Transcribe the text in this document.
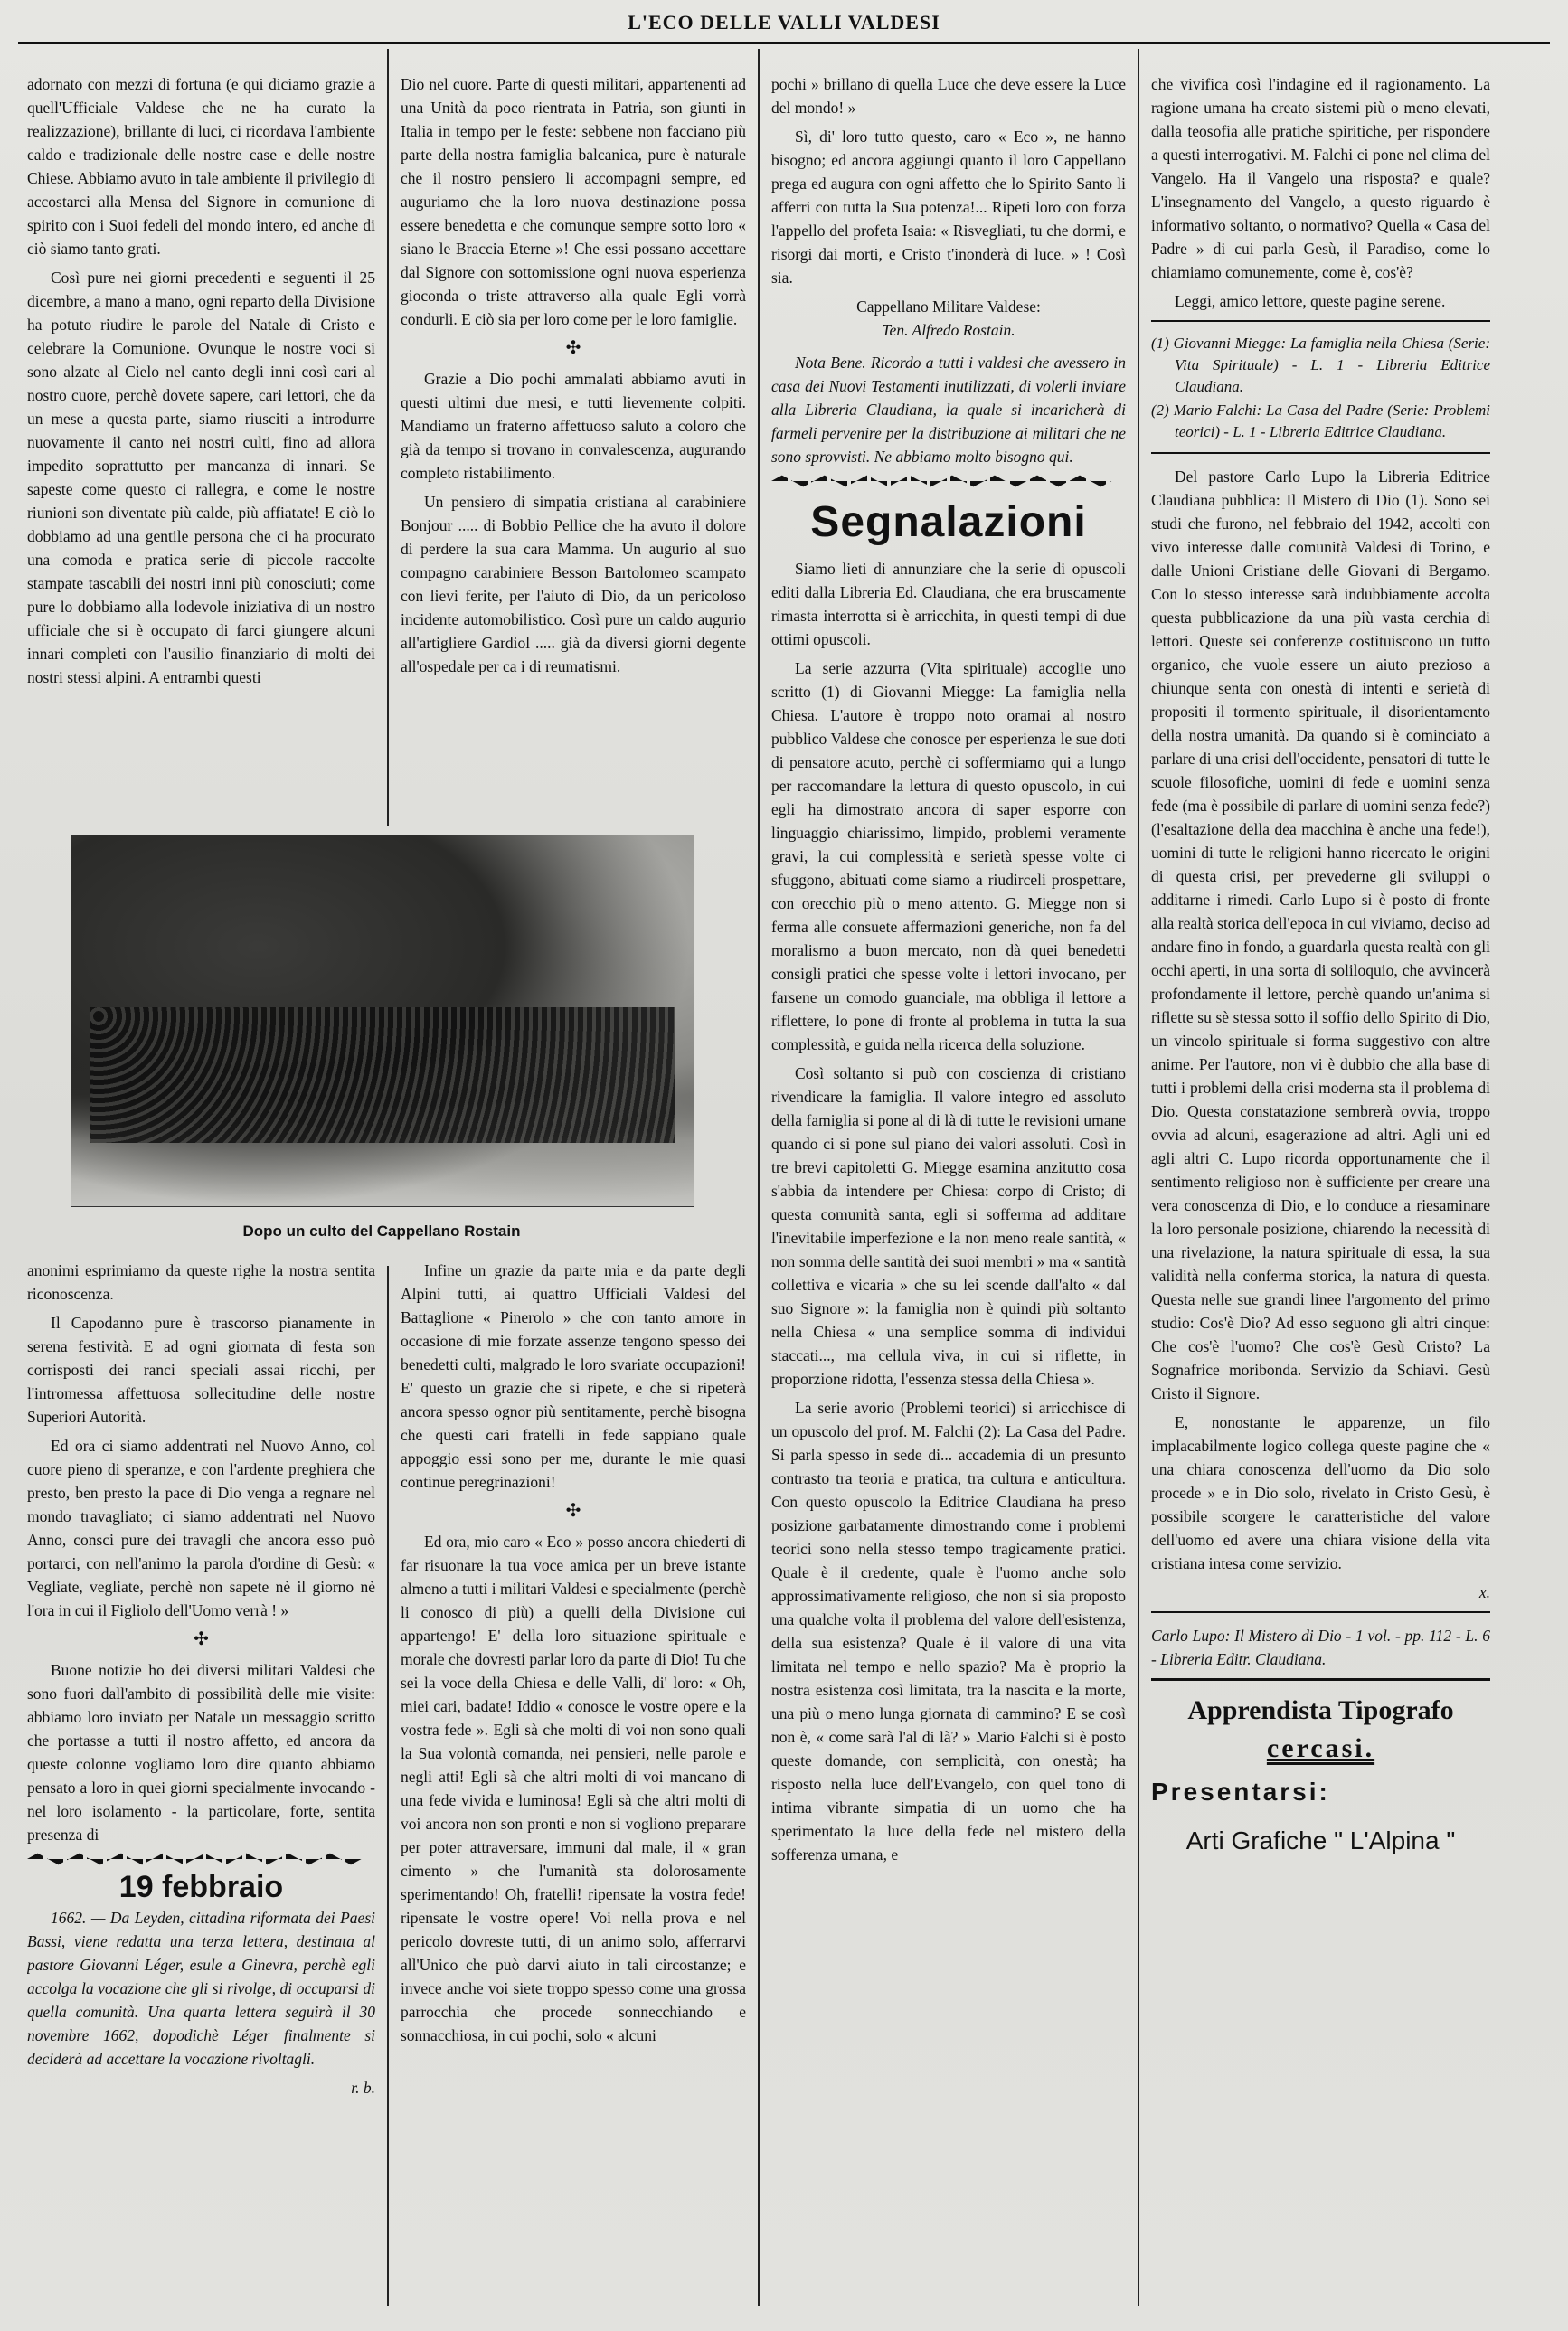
L'ECO DELLE VALLI VALDESI

adornato con mezzi di fortuna (e qui diciamo grazie a quell'Ufficiale Valdese che ne ha curato la realizzazione), brillante di luci, ci ricordava l'ambiente caldo e tradizionale delle nostre case e delle nostre Chiese. Abbiamo avuto in tale ambiente il privilegio di accostarci alla Mensa del Signore in comunione di spirito con i Suoi fedeli del mondo intero, ed anche di ciò siamo tanto grati.

Così pure nei giorni precedenti e seguenti il 25 dicembre, a mano a mano, ogni reparto della Divisione ha potuto riudire le parole del Natale di Cristo e celebrare la Comunione. Ovunque le nostre voci si sono alzate al Cielo nel canto degli inni così cari al nostro cuore, perchè dovete sapere, cari lettori, che da un mese a questa parte, siamo riusciti a introdurre nuovamente il canto nei nostri culti, fino ad allora impedito soprattutto per mancanza di innari. Se sapeste come questo ci rallegra, e come le nostre riunioni son diventate più calde, più affiatate! E ciò lo dobbiamo ad una gentile persona che ci ha procurato una comoda e pratica serie di piccole raccolte stampate tascabili dei nostri inni più conosciuti; come pure lo dobbiamo alla lodevole iniziativa di un nostro ufficiale che si è occupato di farci giungere alcuni innari completi con l'ausilio finanziario di molti dei nostri stessi alpini. A entrambi questi

Dio nel cuore. Parte di questi militari, appartenenti ad una Unità da poco rientrata in Patria, son giunti in Italia in tempo per le feste: sebbene non facciano più parte della nostra famiglia balcanica, pure è naturale che il nostro pensiero li accompagni sempre, ed auguriamo che la loro nuova destinazione possa essere benedetta e che comunque sempre sotto loro « siano le Braccia Eterne »! Che essi possano accettare dal Signore con sottomissione ogni nuova esperienza gioconda o triste attraverso alla quale Egli vorrà condurli. E ciò sia per loro come per le loro famiglie.

✣

Grazie a Dio pochi ammalati abbiamo avuti in questi ultimi due mesi, e tutti lievemente colpiti. Mandiamo un fraterno affettuoso saluto a coloro che già da tempo si trovano in convalescenza, augurando completo ristabilimento.

Un pensiero di simpatia cristiana al carabiniere Bonjour ..... di Bobbio Pellice che ha avuto il dolore di perdere la sua cara Mamma. Un augurio al suo compagno carabiniere Besson Bartolomeo scampato con lievi ferite, per l'aiuto di Dio, da un pericoloso incidente automobilistico. Così pure un caldo augurio all'artigliere Gardiol ..... già da diversi giorni degente all'ospedale per ca i di reumatismi.

Dopo un culto del Cappellano Rostain

anonimi esprimiamo da queste righe la nostra sentita riconoscenza.

Il Capodanno pure è trascorso pianamente in serena festività. E ad ogni giornata di festa son corrisposti dei ranci speciali assai ricchi, per l'intromessa affettuosa sollecitudine delle nostre Superiori Autorità.

Ed ora ci siamo addentrati nel Nuovo Anno, col cuore pieno di speranze, e con l'ardente preghiera che presto, ben presto la pace di Dio venga a regnare nel mondo travagliato; ci siamo addentrati nel Nuovo Anno, consci pure dei travagli che ancora esso può portarci, con nell'animo la parola d'ordine di Gesù: « Vegliate, vegliate, perchè non sapete nè il giorno nè l'ora in cui il Figliolo dell'Uomo verrà ! »

✣

Buone notizie ho dei diversi militari Valdesi che sono fuori dall'ambito di possibilità delle mie visite: abbiamo loro inviato per Natale un messaggio scritto che portasse a tutti il nostro affetto, ed ancora da queste colonne vogliamo loro dire quanto abbiamo pensato a loro in quei giorni specialmente invocando - nel loro isolamento - la particolare, forte, sentita presenza di

19 febbraio

1662. — Da Leyden, cittadina riformata dei Paesi Bassi, viene redatta una terza lettera, destinata al pastore Giovanni Léger, esule a Ginevra, perchè egli accolga la vocazione che gli si rivolge, di occuparsi di quella comunità. Una quarta lettera seguirà il 30 novembre 1662, dopodichè Léger finalmente si deciderà ad accettare la vocazione rivoltagli.

r. b.

Infine un grazie da parte mia e da parte degli Alpini tutti, ai quattro Ufficiali Valdesi del Battaglione « Pinerolo » che con tanto amore in occasione di mie forzate assenze tengono spesso dei benedetti culti, malgrado le loro svariate occupazioni! E' questo un grazie che si ripete, e che si ripeterà ancora spesso ognor più sentitamente, perchè bisogna che questi cari fratelli in fede sappiano quale appoggio essi sono per me, durante le mie quasi continue peregrinazioni!

✣

Ed ora, mio caro « Eco » posso ancora chiederti di far risuonare la tua voce amica per un breve istante almeno a tutti i militari Valdesi e specialmente (perchè li conosco di più) a quelli della Divisione cui appartengo! E' della loro situazione spirituale e morale che dovresti parlar loro da parte di Dio! Tu che sei la voce della Chiesa e delle Valli, di' loro: « Oh, miei cari, badate! Iddio « conosce le vostre opere e la vostra fede ». Egli sà che molti di voi non sono quali la Sua volontà comanda, nei pensieri, nelle parole e negli atti! Egli sà che altri molti di voi mancano di una fede vivida e luminosa! Egli sà che altri molti di voi ancora non son pronti e non si vogliono preparare per poter attraversare, immuni dal male, il « gran cimento » che l'umanità sta dolorosamente sperimentando! Oh, fratelli! ripensate la vostra fede! ripensate le vostre opere! Voi nella prova e nel pericolo dovreste tutti, di un animo solo, afferrarvi all'Unico che può darvi aiuto in tali circostanze; e invece anche voi siete troppo spesso come una grossa parrocchia che procede sonnecchiando e sonnacchiosa, in cui pochi, solo « alcuni

pochi » brillano di quella Luce che deve essere la Luce del mondo! »

Sì, di' loro tutto questo, caro « Eco », ne hanno bisogno; ed ancora aggiungi quanto il loro Cappellano prega ed augura con ogni affetto che lo Spirito Santo li afferri con tutta la Sua potenza!... Ripeti loro con forza l'appello del profeta Isaia: « Risvegliati, tu che dormi, e risorgi dai morti, e Cristo t'inonderà di luce. » ! Così sia.

Cappellano Militare Valdese:
Ten. Alfredo Rostain.

Nota Bene. Ricordo a tutti i valdesi che avessero in casa dei Nuovi Testamenti inutilizzati, di volerli inviare alla Libreria Claudiana, la quale si incaricherà di farmeli pervenire per la distribuzione ai militari che ne sono sprovvisti. Ne abbiamo molto bisogno qui.

Segnalazioni

Siamo lieti di annunziare che la serie di opuscoli editi dalla Libreria Ed. Claudiana, che era bruscamente rimasta interrotta si è arricchita, in questi tempi di due ottimi opuscoli.

La serie azzurra (Vita spirituale) accoglie uno scritto (1) di Giovanni Miegge: La famiglia nella Chiesa. L'autore è troppo noto oramai al nostro pubblico Valdese che conosce per esperienza le sue doti di pensatore acuto, perchè ci soffermiamo qui a lungo per raccomandare la lettura di questo opuscolo, in cui egli ha dimostrato ancora di saper esporre con linguaggio chiarissimo, limpido, problemi veramente gravi, la cui complessità e serietà spesse volte ci sfuggono, abituati come siamo a riudirceli prospettare, con orecchio più o meno attento. G. Miegge non si ferma alle consuete affermazioni generiche, non fa del moralismo a buon mercato, non dà quei benedetti consigli pratici che spesse volte i lettori invocano, per farsene un comodo guanciale, ma obbliga il lettore a riflettere, lo pone di fronte al problema in tutta la sua complessità, e guida nella ricerca della soluzione.

Così soltanto si può con coscienza di cristiano rivendicare la famiglia. Il valore integro ed assoluto della famiglia si pone al di là di tutte le revisioni umane quando ci si pone sul piano dei valori assoluti. Così in tre brevi capitoletti G. Miegge esamina anzitutto cosa s'abbia da intendere per Chiesa: corpo di Cristo; di questa comunità santa, egli si sofferma ad additare l'inevitabile imperfezione e la non meno reale santità, « non somma delle santità dei suoi membri » ma « santità collettiva e vicaria » che su lei scende dall'alto « dal suo Signore »: la famiglia non è quindi più soltanto nella Chiesa « una semplice somma di individui staccati..., ma cellula viva, in cui si riflette, in proporzione ridotta, l'essenza stessa della Chiesa ».

La serie avorio (Problemi teorici) si arricchisce di un opuscolo del prof. M. Falchi (2): La Casa del Padre. Si parla spesso in sede di... accademia di un presunto contrasto tra teoria e pratica, tra cultura e anticultura. Con questo opuscolo la Editrice Claudiana ha preso posizione garbatamente dimostrando come i problemi teorici sono nella stesso tempo tragicamente pratici. Quale è il credente, quale è l'uomo anche solo approssimativamente religioso, che non si sia proposto una qualche volta il problema del valore dell'esistenza, della sua esistenza? Quale è il valore di una vita limitata nel tempo e nello spazio? Ma è proprio la nostra esistenza così limitata, tra la nascita e la morte, una più o meno lunga giornata di cammino? E se così non è, « come sarà l'al di là? » Mario Falchi si è posto queste domande, con semplicità, con onestà; ha risposto nella luce dell'Evangelo, con quel tono di intima vibrante simpatia di un uomo che ha sperimentato la luce della fede nel mistero della sofferenza umana, e

che vivifica così l'indagine ed il ragionamento. La ragione umana ha creato sistemi più o meno elevati, dalla teosofia alle pratiche spiritiche, per rispondere a questi interrogativi. M. Falchi ci pone nel clima del Vangelo. Ha il Vangelo una risposta? e quale? L'insegnamento del Vangelo, a questo riguardo è informativo soltanto, o normativo? Quella « Casa del Padre » di cui parla Gesù, il Paradiso, come lo chiamiamo comunemente, come è, cos'è?

Leggi, amico lettore, queste pagine serene.

(1) Giovanni Miegge: La famiglia nella Chiesa (Serie: Vita Spirituale) - L. 1 - Libreria Editrice Claudiana.
(2) Mario Falchi: La Casa del Padre (Serie: Problemi teorici) - L. 1 - Libreria Editrice Claudiana.

Del pastore Carlo Lupo la Libreria Editrice Claudiana pubblica: Il Mistero di Dio (1). Sono sei studi che furono, nel febbraio del 1942, accolti con vivo interesse dalle comunità Valdesi di Torino, e dalle Unioni Cristiane delle Giovani di Bergamo. Con lo stesso interesse sarà indubbiamente accolta questa pubblicazione da una più vasta cerchia di lettori. Queste sei conferenze costituiscono un tutto organico, che vuole essere un aiuto prezioso a chiunque senta con onestà di intenti e serietà di propositi il tormento spirituale, il disorientamento della nostra umanità. Da quando si è cominciato a parlare di una crisi dell'occidente, pensatori di tutte le scuole filosofiche, uomini di fede e uomini senza fede (ma è possibile di parlare di uomini senza fede?) (l'esaltazione della dea macchina è anche una fede!), uomini di tutte le religioni hanno ricercato le origini di questa crisi, per prevederne gli sviluppi o additarne i rimedi. Carlo Lupo si è posto di fronte alla realtà storica dell'epoca in cui viviamo, deciso ad andare fino in fondo, a guardarla questa realtà con gli occhi aperti, in una sorta di soliloquio, che avvincerà profondamente il lettore, perchè quando un'anima si riflette su sè stessa sotto il soffio dello Spirito di Dio, un vincolo spirituale si forma suggestivo con altre anime. Per l'autore, non vi è dubbio che alla base di tutti i problemi della crisi moderna sta il problema di Dio. Questa constatazione sembrerà ovvia, troppo ovvia ad alcuni, esagerazione ad altri. Agli uni ed agli altri C. Lupo ricorda opportunamente che il sentimento religioso non è sufficiente per creare una vera conoscenza di Dio, e lo conduce a riesaminare la loro personale posizione, chiarendo la necessità di una rivelazione, la natura spirituale di essa, la sua validità nella conferma storica, la natura di questa. Questa nelle sue grandi linee l'argomento del primo studio: Cos'è Dio? Ad esso seguono gli altri cinque: Che cos'è l'uomo? Che cos'è Gesù Cristo? La Sognafrice moribonda. Servizio da Schiavi. Gesù Cristo il Signore.

E, nonostante le apparenze, un filo implacabilmente logico collega queste pagine che « una chiara conoscenza dell'uomo da Dio solo procede » e in Dio solo, rivelato in Cristo Gesù, è possibile scorgere le caratteristiche del valore dell'uomo ed avere una chiara visione della vita cristiana intesa come servizio.

x.

Carlo Lupo: Il Mistero di Dio - 1 vol. - pp. 112 - L. 6 - Libreria Editr. Claudiana.

Apprendista Tipografo
cercasi.
Presentarsi:
Arti Grafiche " L'Alpina "
